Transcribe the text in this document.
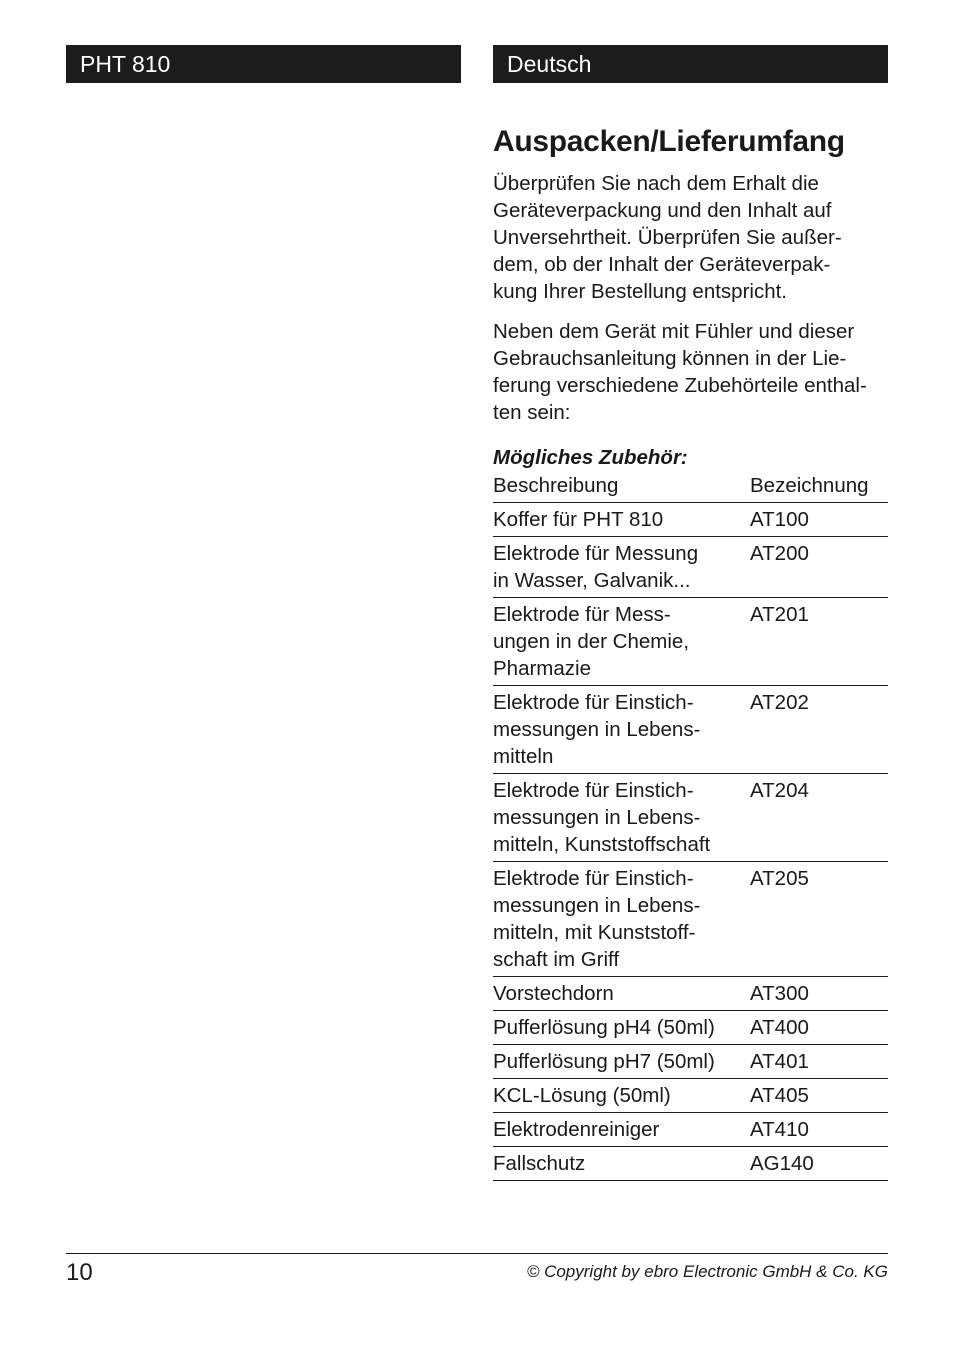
PHT 810	Deutsch
Auspacken/Lieferumfang

Überprüfen Sie nach dem Erhalt die
Geräteverpackung und den Inhalt auf
Unversehrtheit. Überprüfen Sie außer-
dem, ob der Inhalt der Geräteverpak-
kung Ihrer Bestellung entspricht.

Neben dem Gerät mit Fühler und dieser
Gebrauchsanleitung können in der Lie-
ferung verschiedene Zubehörteile enthal-
ten sein:

Mögliches Zubehör:
Beschreibung	Bezeichnung

Koffer für PHT 810	AT100

Elektrode für Messung
in Wasser, Galvanik...	AT200

Elektrode für Mess-
ungen in der Chemie,
Pharmazie	AT201

Elektrode für Einstich-
messungen in Lebens-
mitteln	AT202

Elektrode für Einstich-
messungen in Lebens-
mitteln, Kunststoffschaft	AT204

Elektrode für Einstich-
messungen in Lebens-
mitteln, mit Kunststoff-
schaft im Griff	AT205

Vorstechdorn	AT300

Pufferlösung pH4 (50ml)	AT400

Pufferlösung pH7 (50ml)	AT401

KCL-Lösung (50ml)	AT405

Elektrodenreiniger	AT410

Fallschutz	AG140
10	© Copyright by ebro Electronic GmbH & Co. KG
